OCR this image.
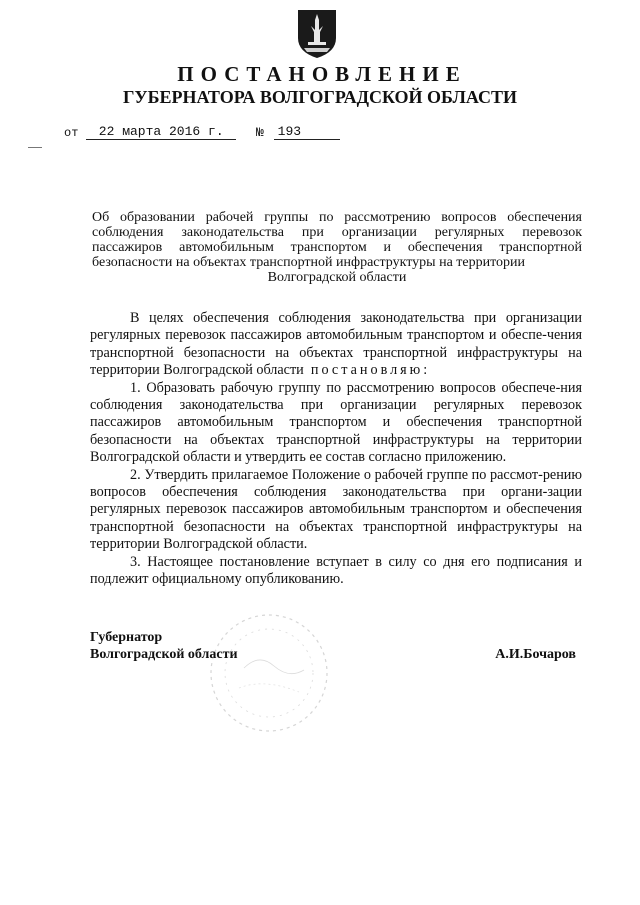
ПОСТАНОВЛЕНИЕ
ГУБЕРНАТОРА ВОЛГОГРАДСКОЙ ОБЛАСТИ
от 22 марта 2016 г. № 193
Об образовании рабочей группы по рассмотрению вопросов обеспечения соблюдения законодательства при организации регулярных перевозок пассажиров автомобильным транспортом и обеспечения транспортной безопасности на объектах транспортной инфраструктуры на территории
Волгоградской области

В целях обеспечения соблюдения законодательства при организации регулярных перевозок пассажиров автомобильным транспортом и обеспе-чения транспортной безопасности на объектах транспортной инфраструктуры на территории Волгоградской области постановляю:

1. Образовать рабочую группу по рассмотрению вопросов обеспече-ния соблюдения законодательства при организации регулярных перевозок пассажиров автомобильным транспортом и обеспечения транспортной безопасности на объектах транспортной инфраструктуры на территории Волгоградской области и утвердить ее состав согласно приложению.

2. Утвердить прилагаемое Положение о рабочей группе по рассмот-рению вопросов обеспечения соблюдения законодательства при органи-зации регулярных перевозок пассажиров автомобильным транспортом и обеспечения транспортной безопасности на объектах транспортной инфраструктуры на территории Волгоградской области.

3. Настоящее постановление вступает в силу со дня его подписания и подлежит официальному опубликованию.

Губернатор
Волгоградской области	А.И.Бочаров
